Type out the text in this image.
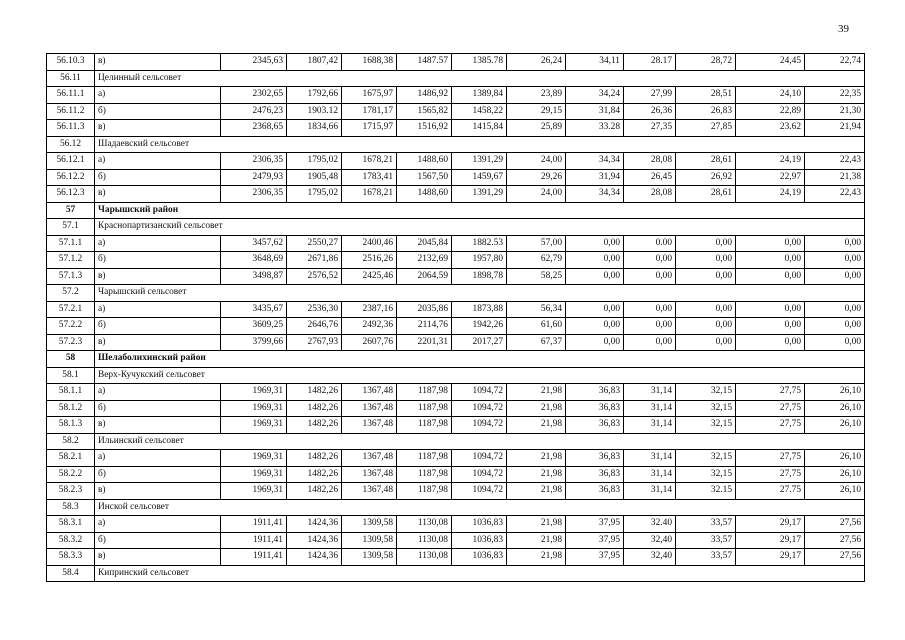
39
56.10.3	в)	2345,63	1807,42	1688,38	1487.57	1385.78	26,24	34,11	28.17	28,72	24,45	22,74
56.11	Целинный сельсовет											
56.11.1	а)	2302,65	1792,66	1675,97	1486,92	1389,84	23,89	34,24	27,99	28,51	24,10	22,35
56.11.2	б)	2476,23	1903.12	1781,17	1565,82	1458,22	29,15	31,84	26,36	26,83	22,89	21,30
56.11.3	в)	2368,65	1834,66	1715,97	1516,92	1415,84	25,89	33.28	27,35	27,85	23.62	21,94
56.12	Шадаевский сельсовет											
56.12.1	а)	2306,35	1795,02	1678,21	1488,60	1391,29	24,00	34,34	28,08	28,61	24,19	22,43
56.12.2	б)	2479,93	1905,48	1783,41	1567,50	1459,67	29,26	31,94	26,45	26,92	22,97	21,38
56.12.3	в)	2306,35	1795,02	1678,21	1488,60	1391,29	24,00	34,34	28,08	28,61	24,19	22,43
57	Чарышский район											
57.1	Краснопартизанский сельсовет											
57.1.1	а)	3457,62	2550,27	2400,46	2045,84	1882.53	57,00	0,00	0.00	0,00	0,00	0,00
57.1.2	б)	3648,69	2671,86	2516,26	2132,69	1957,80	62,79	0,00	0,00	0,00	0,00	0,00
57.1.3	в)	3498,87	2576,52	2425,46	2064,59	1898,78	58,25	0,00	0,00	0,00	0,00	0,00
57.2	Чарышский сельсовет											
57.2.1	а)	3435,67	2536,30	2387,16	2035,86	1873,88	56,34	0,00	0,00	0,00	0,00	0,00
57.2.2	б)	3609,25	2646,76	2492,36	2114,76	1942,26	61,60	0,00	0,00	0,00	0,00	0,00
57.2.3	в)	3799,66	2767,93	2607,76	2201,31	2017,27	67,37	0,00	0,00	0,00	0,00	0,00
58	Шелаболихинский район											
58.1	Верх-Кучукский сельсовет											
58.1.1	а)	1969,31	1482,26	1367,48	1187,98	1094,72	21,98	36,83	31,14	32,15	27,75	26,10
58.1.2	б)	1969,31	1482,26	1367,48	1187,98	1094,72	21,98	36,83	31,14	32,15	27,75	26,10
58.1.3	в)	1969,31	1482,26	1367,48	1187,98	1094,72	21,98	36,83	31,14	32,15	27,75	26,10
58.2	Ильинский сельсовет											
58.2.1	а)	1969,31	1482,26	1367,48	1187,98	1094,72	21,98	36,83	31,14	32,15	27,75	26,10
58.2.2	б)	1969,31	1482,26	1367,48	1187,98	1094,72	21,98	36,83	31,14	32,15	27,75	26,10
58.2.3	в)	1969,31	1482,26	1367,48	1187,98	1094,72	21,98	36,83	31,14	32.15	27.75	26,10
58.3	Инской сельсовет											
58.3.1	а)	1911,41	1424,36	1309,58	1130,08	1036,83	21,98	37,95	32.40	33,57	29,17	27,56
58.3.2	б)	1911,41	1424,36	1309,58	1130,08	1036,83	21,98	37,95	32,40	33,57	29,17	27,56
58.3.3	в)	1911,41	1424,36	1309,58	1130,08	1036,83	21,98	37,95	32,40	33,57	29,17	27,56
58.4	Кипринский сельсовет											
